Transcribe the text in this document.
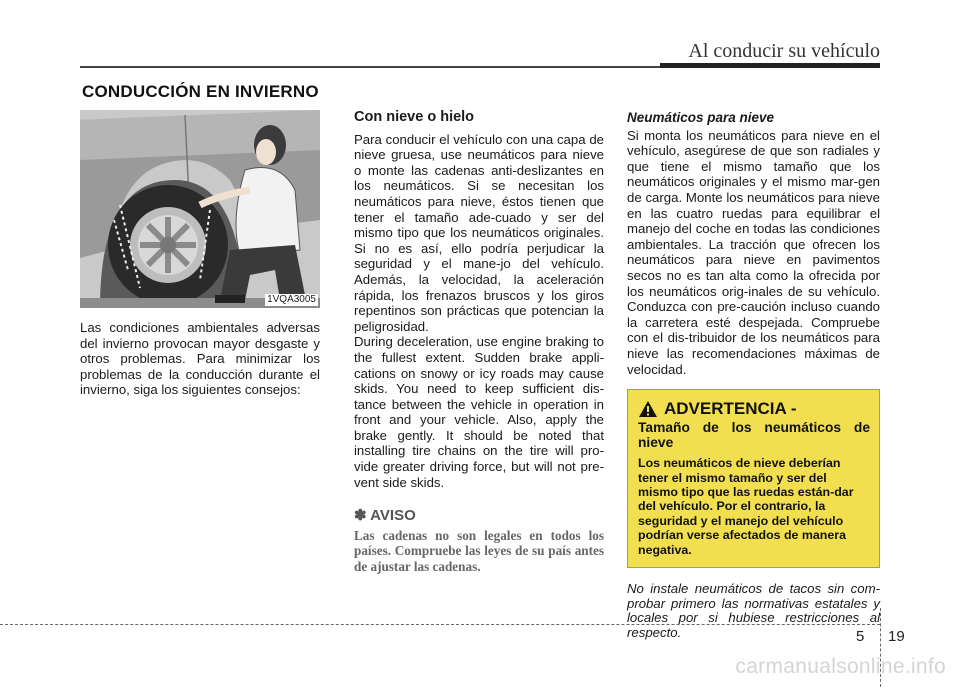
Al conducir su vehículo
CONDUCCIÓN EN INVIERNO
1VQA3005

Las condiciones ambientales adversas del invierno provocan mayor desgaste y otros problemas. Para minimizar los problemas de la conducción durante el invierno, siga los siguientes consejos:

Con nieve o hielo

Para conducir el vehículo con una capa de nieve gruesa, use neumáticos para nieve o monte las cadenas anti-deslizantes en los neumáticos. Si se necesitan los neumáticos para nieve, éstos tienen que tener el tamaño ade-cuado y ser del mismo tipo que los neumáticos originales. Si no es así, ello podría perjudicar la seguridad y el mane-jo del vehículo. Además, la velocidad, la aceleración rápida, los frenazos bruscos y los giros repentinos son prácticas que potencian la peligrosidad.

During deceleration, use engine braking to the fullest extent. Sudden brake appli-cations on snowy or icy roads may cause skids. You need to keep sufficient dis-tance between the vehicle in operation in front and your vehicle. Also, apply the brake gently. It should be noted that installing tire chains on the tire will pro-vide greater driving force, but will not pre-vent side skids.

✽ AVISO

Las cadenas no son legales en todos los países. Compruebe las leyes de su país antes de ajustar las cadenas.

Neumáticos para nieve

Si monta los neumáticos para nieve en el vehículo, asegúrese de que son radiales y que tiene el mismo tamaño que los neumáticos originales y el mismo mar-gen de carga. Monte los neumáticos para nieve en las cuatro ruedas para equilibrar el manejo del coche en todas las condiciones ambientales. La tracción que ofrecen los neumáticos para nieve en pavimentos secos no es tan alta como la ofrecida por los neumáticos orig-inales de su vehículo. Conduzca con pre-caución incluso cuando la carretera esté despejada. Compruebe con el dis-tribuidor de los neumáticos para nieve las recomendaciones máximas de velocidad.

ADVERTENCIA -
Tamaño de los neumáticos de nieve

Los neumáticos de nieve deberían tener el mismo tamaño y ser del mismo tipo que las ruedas están-dar del vehículo. Por el contrario, la seguridad y el manejo del vehículo podrían verse afectados de manera negativa.

No instale neumáticos de tacos sin com-probar primero las normativas estatales y locales por si hubiese restricciones al respecto.	5 19
carmanualsonline.info
